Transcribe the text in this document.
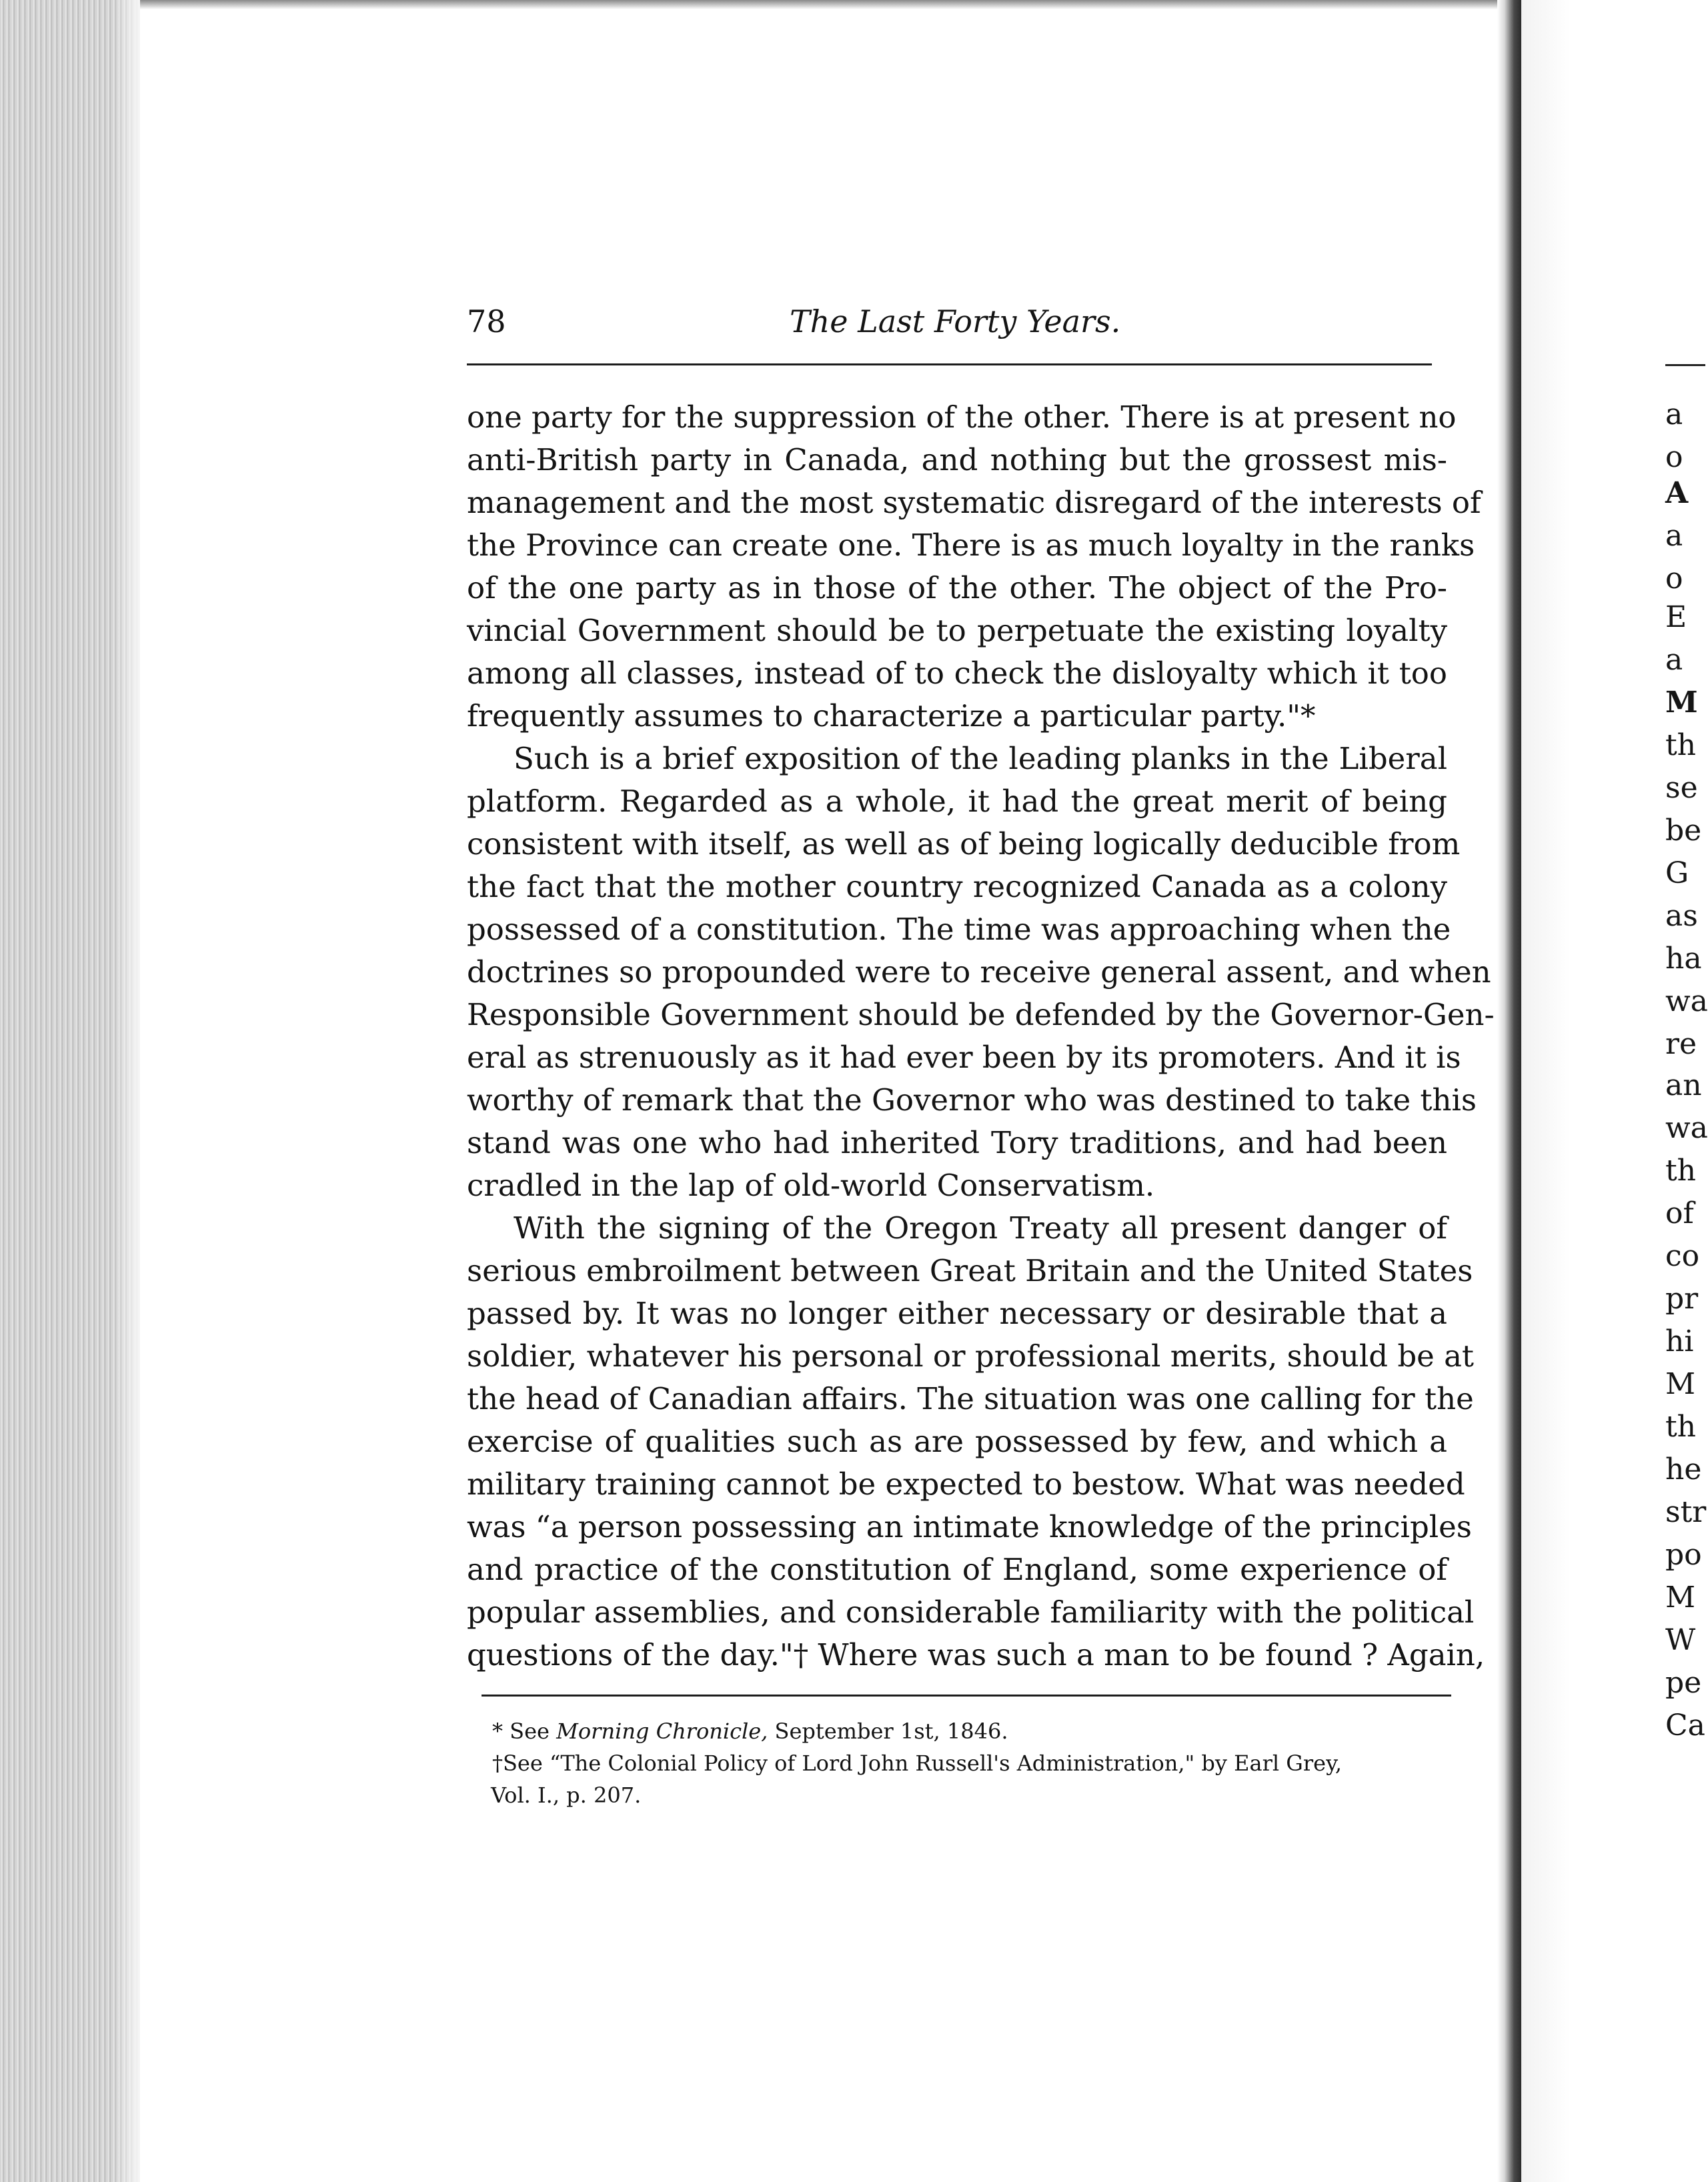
a
o
A
a
o
E
a
M
th
se
be
G
as
ha
wa
re
an
wa
th
of
co
pr
hi
M
th
he
str
po
M
W
pe
Ca
78	The Last Forty Years.
one party for the suppression of the other. There is at present no
anti-British party in Canada, and nothing but the grossest mis-
management and the most systematic disregard of the interests of
the Province can create one. There is as much loyalty in the ranks
of the one party as in those of the other. The object of the Pro-
vincial Government should be to perpetuate the existing loyalty
among all classes, instead of to check the disloyalty which it too
frequently assumes to characterize a particular party."*
Such is a brief exposition of the leading planks in the Liberal
platform. Regarded as a whole, it had the great merit of being
consistent with itself, as well as of being logically deducible from
the fact that the mother country recognized Canada as a colony
possessed of a constitution. The time was approaching when the
doctrines so propounded were to receive general assent, and when
Responsible Government should be defended by the Governor-Gen-
eral as strenuously as it had ever been by its promoters. And it is
worthy of remark that the Governor who was destined to take this
stand was one who had inherited Tory traditions, and had been
cradled in the lap of old-world Conservatism.
With the signing of the Oregon Treaty all present danger of
serious embroilment between Great Britain and the United States
passed by. It was no longer either necessary or desirable that a
soldier, whatever his personal or professional merits, should be at
the head of Canadian affairs. The situation was one calling for the
exercise of qualities such as are possessed by few, and which a
military training cannot be expected to bestow. What was needed
was “a person possessing an intimate knowledge of the principles
and practice of the constitution of England, some experience of
popular assemblies, and considerable familiarity with the political
questions of the day."† Where was such a man to be found ? Again,
* See Morning Chronicle, September 1st, 1846.
†See “The Colonial Policy of Lord John Russell's Administration," by Earl Grey,
Vol. I., p. 207.
